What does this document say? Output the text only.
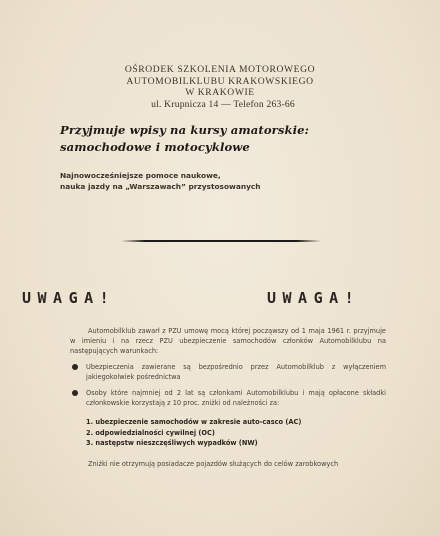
OŚRODEK SZKOLENIA MOTOROWEGO
AUTOMOBILKLUBU KRAKOWSKIEGO
W KRAKOWIE
ul. Krupnicza 14 — Telefon 263-66
Przyjmuje wpisy na kursy amatorskie:
samochodowe i motocyklowe
Najnowocześniejsze pomoce naukowe,
nauka jazdy na „Warszawach” przystosowanych
UWAGA!	UWAGA!

Automobilklub zawarł z PZU umowę mocą której począwszy od 1 maja 1961 r. przyjmuje w imieniu i na rzecz PZU ubezpieczenie samochodów członków Automobilklubu na następujących warunkach:

Ubezpieczenia zawierane są bezpośrednio przez Automobilklub z wyłączeniem jakiegokolwiek pośrednictwa

Osoby które najmniej od 2 lat są członkami Automobilklubu i mają opłacone składki członkowskie korzystają z 10 proc. zniżki od należności za:

1. ubezpieczenie samochodów w zakresie auto-casco (AC)
2. odpowiedzialności cywilnej (OC)
3. następstw nieszczęśliwych wypadków (NW)
Zniżki nie otrzymują posiadacze pojazdów służących do celów zarobkowych
